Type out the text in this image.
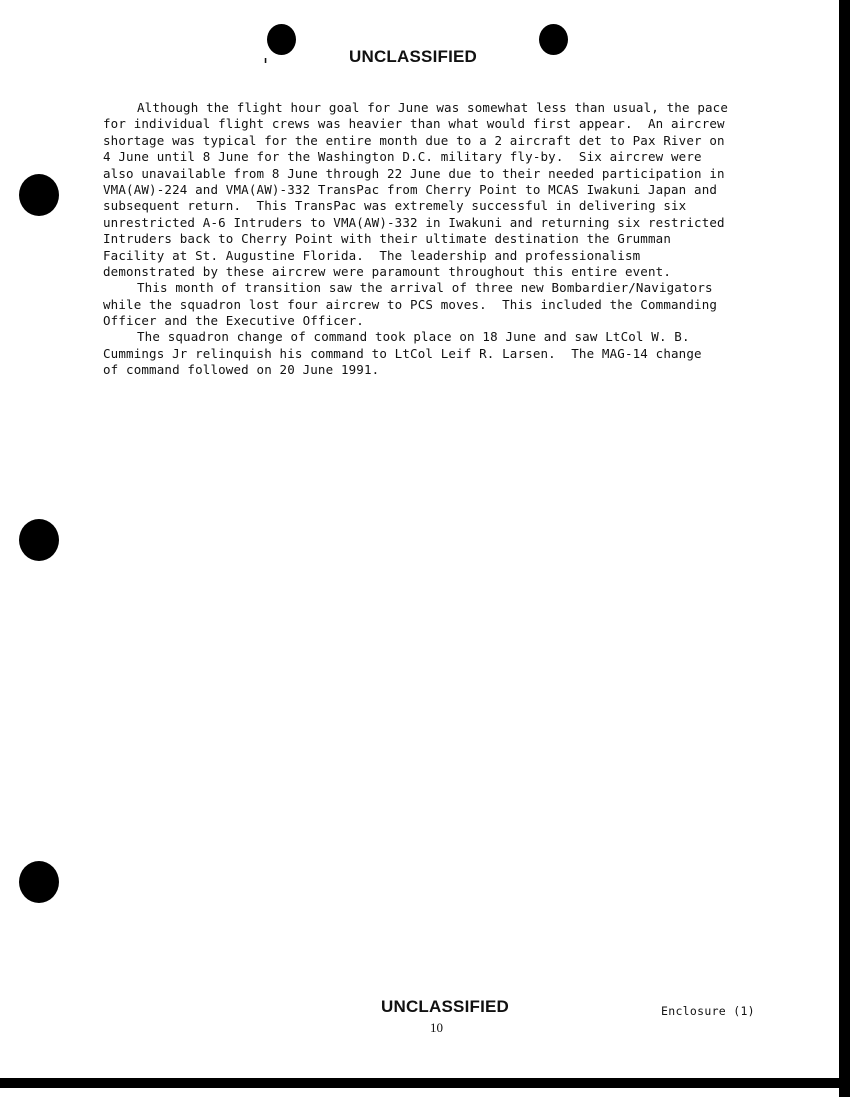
ı	UNCLASSIFIED
Although the flight hour goal for June was somewhat less than usual, the pace
for individual flight crews was heavier than what would first appear.  An aircrew
shortage was typical for the entire month due to a 2 aircraft det to Pax River on
4 June until 8 June for the Washington D.C. military fly-by.  Six aircrew were
also unavailable from 8 June through 22 June due to their needed participation in
VMA(AW)-224 and VMA(AW)-332 TransPac from Cherry Point to MCAS Iwakuni Japan and
subsequent return.  This TransPac was extremely successful in delivering six
unrestricted A-6 Intruders to VMA(AW)-332 in Iwakuni and returning six restricted
Intruders back to Cherry Point with their ultimate destination the Grumman
Facility at St. Augustine Florida.  The leadership and professionalism
demonstrated by these aircrew were paramount throughout this entire event.
This month of transition saw the arrival of three new Bombardier/Navigators
while the squadron lost four aircrew to PCS moves.  This included the Commanding
Officer and the Executive Officer.
The squadron change of command took place on 18 June and saw LtCol W. B.
Cummings Jr relinquish his command to LtCol Leif R. Larsen.  The MAG-14 change
of command followed on 20 June 1991.
UNCLASSIFIED
10
Enclosure (1)
